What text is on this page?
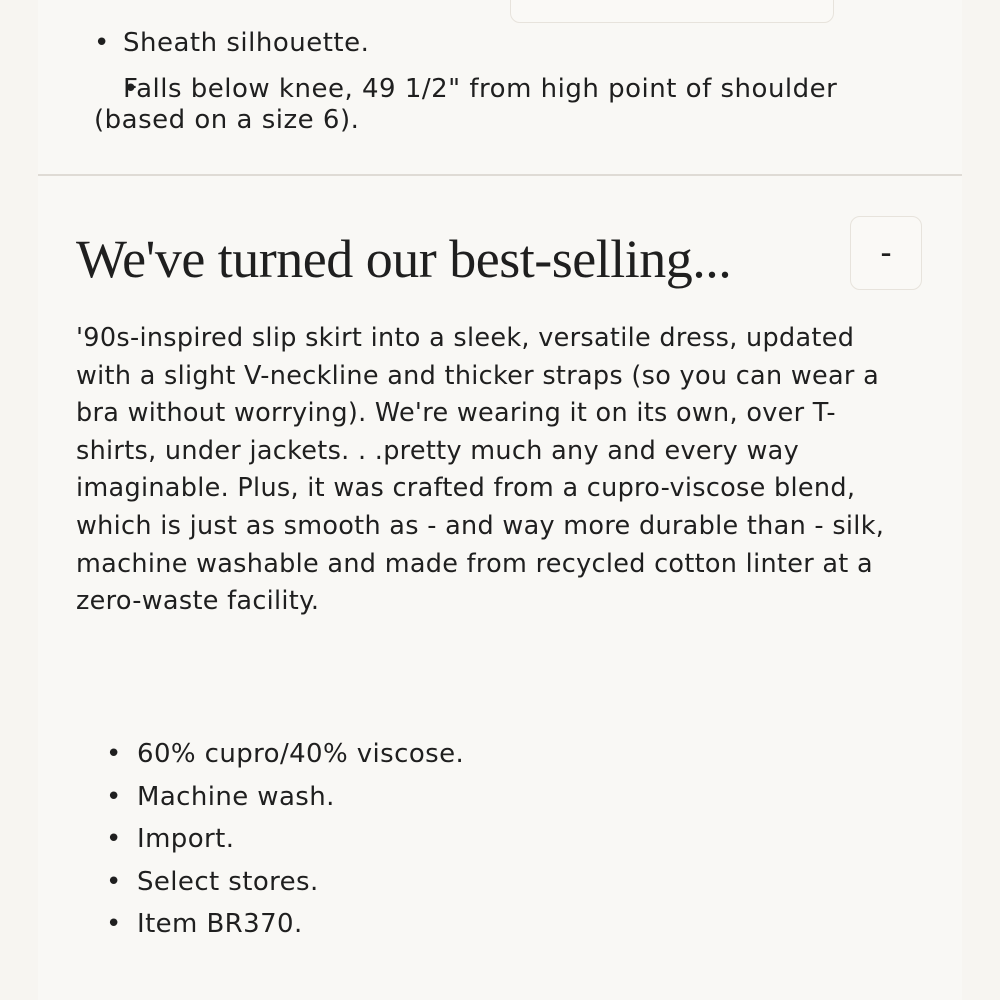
• Sheath silhouette.
• Falls below knee, 49 1/2" from high point of shoulder (based on a size 6).
We've turned our best-selling...	-

'90s-inspired slip skirt into a sleek, versatile dress, updated with a slight V-neckline and thicker straps (so you can wear a bra without worrying). We're wearing it on its own, over T-shirts, under jackets. . .pretty much any and every way imaginable. Plus, it was crafted from a cupro-viscose blend, which is just as smooth as - and way more durable than - silk, machine washable and made from recycled cotton linter at a zero-waste facility.

• 60% cupro/40% viscose.
• Machine wash.
• Import.
• Select stores.
• Item BR370.
